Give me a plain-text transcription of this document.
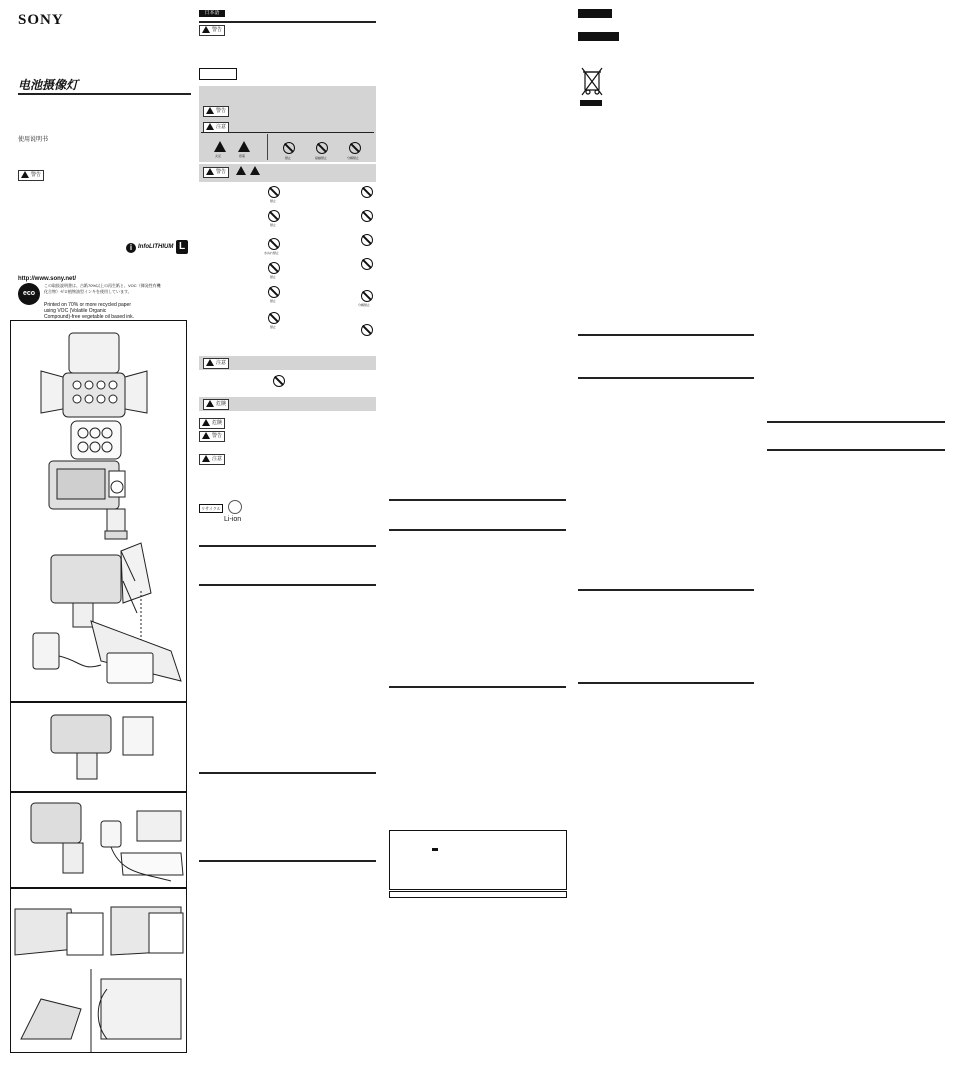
SONY
电池摄像灯
使用说明书
警告
i InfoLITHIUM L
http://www.sony.net/
eco
この取扱説明書は、古紙70%以上の再生紙と、VOC（揮発性有機化合物）ゼロ植物油型インキを使用しています。
Printed on 70% or more recycled paper
using VOC (Volatile Organic
Compound)-free vegetable oil based ink.
日本語
警告
警告
注意
火災	感電	禁止	接触禁止	分解禁止
警告
禁止
禁止
水ぬれ禁止
禁止
禁止
禁止
分解禁止
注意
危険
危険
警告
注意
リサイクル
Li-ion
